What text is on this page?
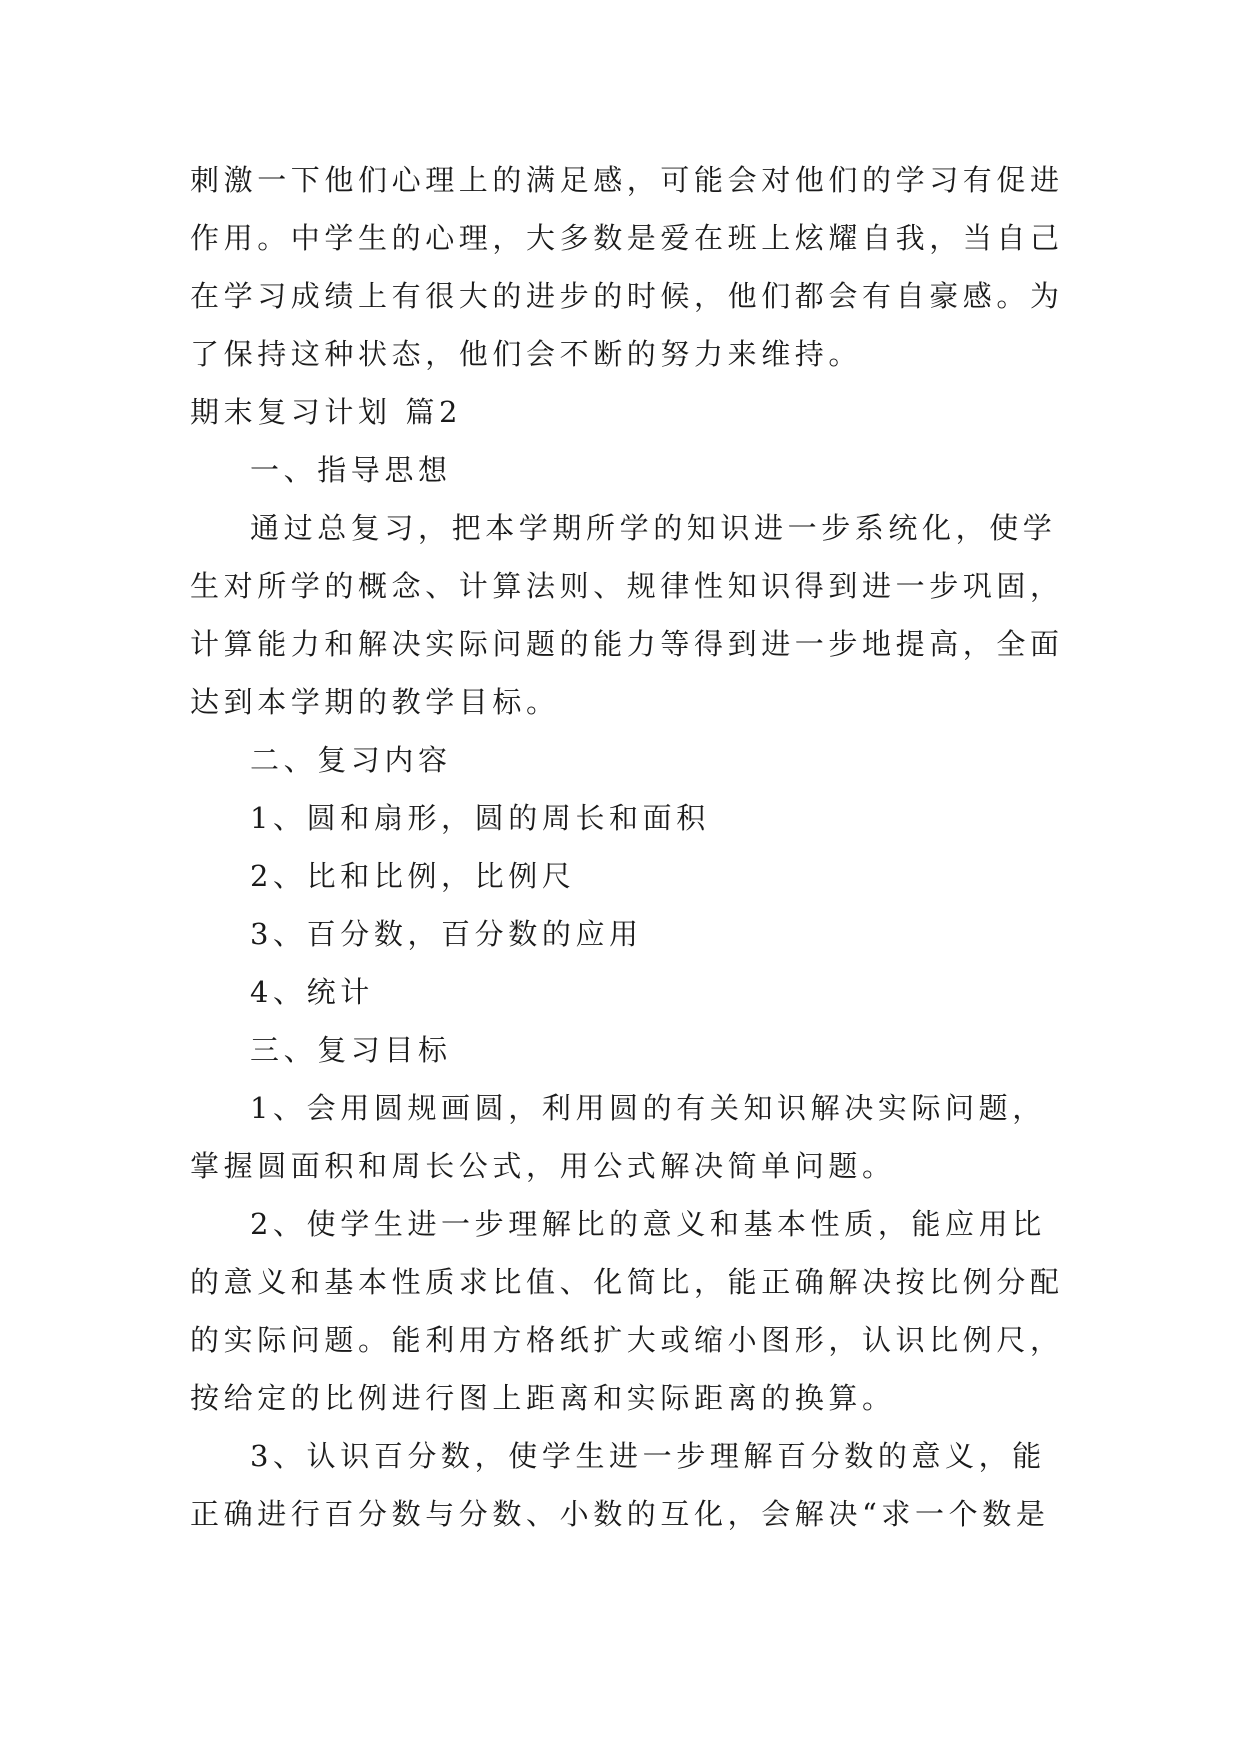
刺激一下他们心理上的满足感，可能会对他们的学习有促进
作用。中学生的心理，大多数是爱在班上炫耀自我，当自己
在学习成绩上有很大的进步的时候，他们都会有自豪感。为
了保持这种状态，他们会不断的努力来维持。
期末复习计划 篇2
一、指导思想
通过总复习，把本学期所学的知识进一步系统化，使学
生对所学的概念、计算法则、规律性知识得到进一步巩固，
计算能力和解决实际问题的能力等得到进一步地提高，全面
达到本学期的教学目标。
二、复习内容
1、圆和扇形，圆的周长和面积
2、比和比例，比例尺
3、百分数，百分数的应用
4、统计
三、复习目标
1、会用圆规画圆，利用圆的有关知识解决实际问题，
掌握圆面积和周长公式，用公式解决简单问题。
2、使学生进一步理解比的意义和基本性质，能应用比
的意义和基本性质求比值、化简比，能正确解决按比例分配
的实际问题。能利用方格纸扩大或缩小图形，认识比例尺，
按给定的比例进行图上距离和实际距离的换算。
3、认识百分数，使学生进一步理解百分数的意义，能
正确进行百分数与分数、小数的互化，会解决“求一个数是
